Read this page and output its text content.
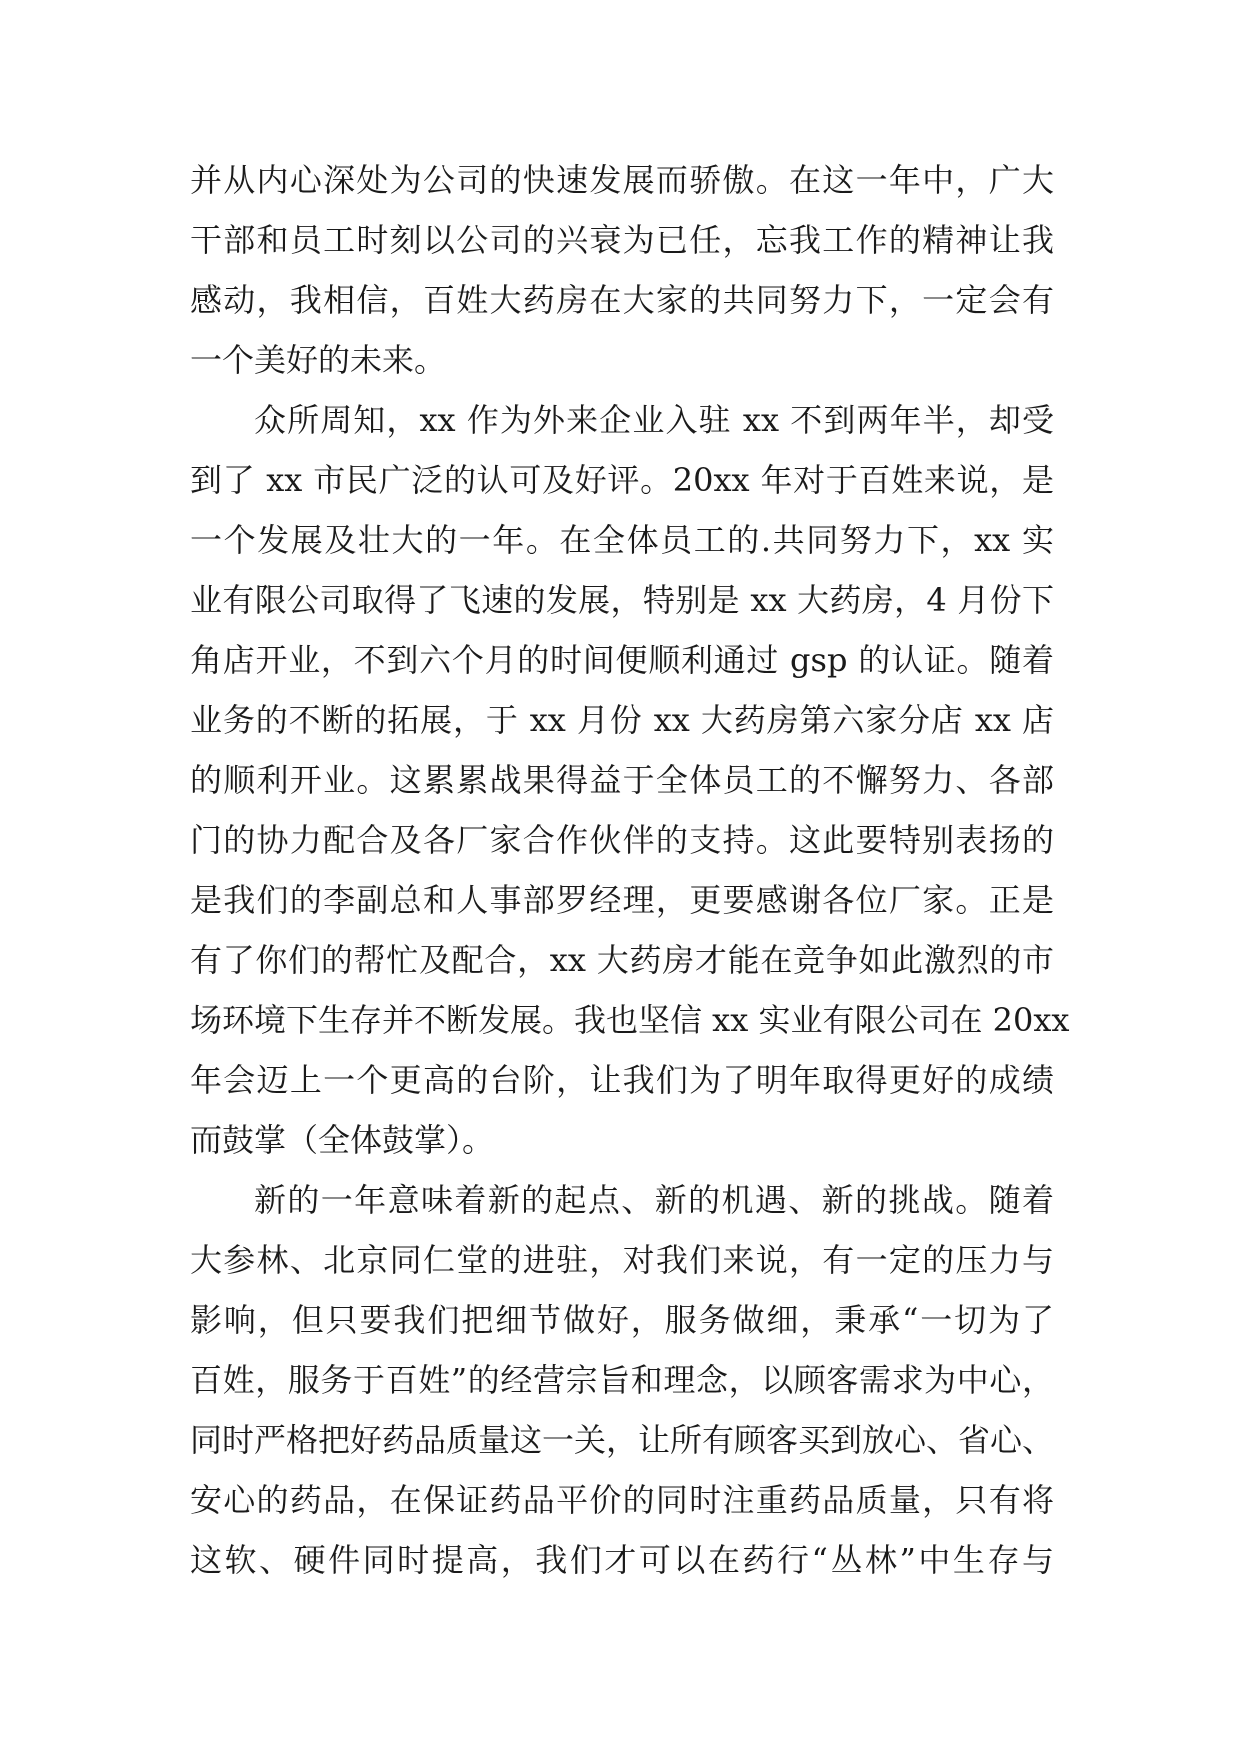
并从内心深处为公司的快速发展而骄傲。在这一年中，广大
干部和员工时刻以公司的兴衰为已任，忘我工作的精神让我
感动，我相信，百姓大药房在大家的共同努力下，一定会有
一个美好的未来。
众所周知，xx 作为外来企业入驻 xx 不到两年半，却受
到了 xx 市民广泛的认可及好评。20xx 年对于百姓来说，是
一个发展及壮大的一年。在全体员工的.共同努力下，xx 实
业有限公司取得了飞速的发展，特别是 xx 大药房，4 月份下
角店开业，不到六个月的时间便顺利通过 gsp 的认证。随着
业务的不断的拓展，于 xx 月份 xx 大药房第六家分店 xx 店
的顺利开业。这累累战果得益于全体员工的不懈努力、各部
门的协力配合及各厂家合作伙伴的支持。这此要特别表扬的
是我们的李副总和人事部罗经理，更要感谢各位厂家。正是
有了你们的帮忙及配合，xx 大药房才能在竞争如此激烈的市
场环境下生存并不断发展。我也坚信 xx 实业有限公司在 20xx
年会迈上一个更高的台阶，让我们为了明年取得更好的成绩
而鼓掌（全体鼓掌）。
新的一年意味着新的起点、新的机遇、新的挑战。随着
大参林、北京同仁堂的进驻，对我们来说，有一定的压力与
影响，但只要我们把细节做好，服务做细，秉承“一切为了
百姓，服务于百姓”的经营宗旨和理念，以顾客需求为中心，
同时严格把好药品质量这一关，让所有顾客买到放心、省心、
安心的药品，在保证药品平价的同时注重药品质量，只有将
这软、硬件同时提高，我们才可以在药行“丛林”中生存与
